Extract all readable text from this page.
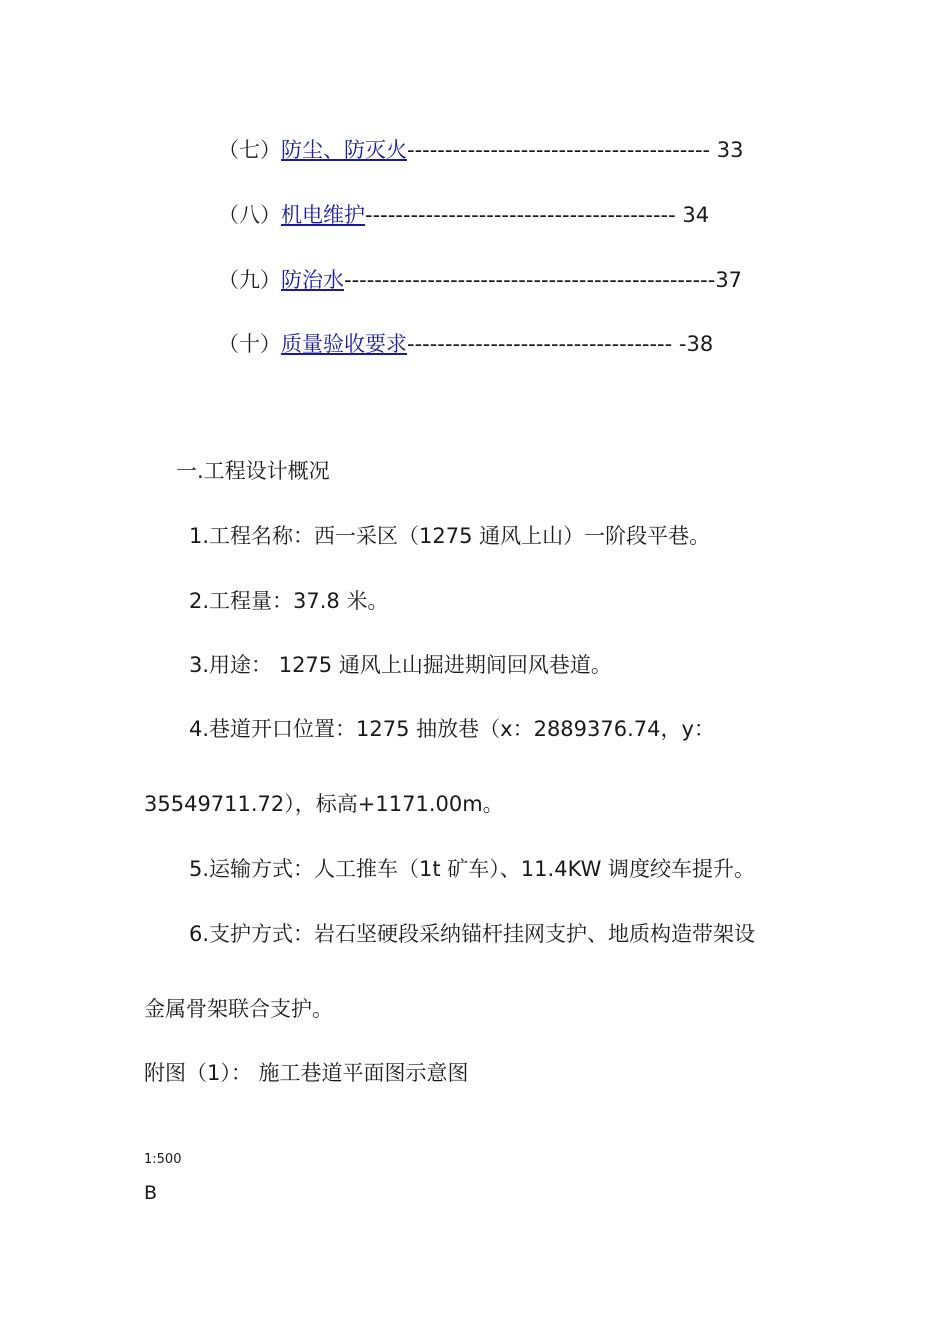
（七）防尘、防灭火---------------------------------------- 33
（八）机电维护----------------------------------------- 34
（九）防治水-------------------------------------------------37
（十）质量验收要求----------------------------------- -38
一.工程设计概况
1.工程名称：西一采区（1275 通风上山）一阶段平巷。
2.工程量：37.8 米。
3.用途： 1275 通风上山掘进期间回风巷道。
4.巷道开口位置：1275 抽放巷（x：2889376.74，y：
35549711.72），标高+1171.00m。
5.运输方式：人工推车（1t 矿车）、11.4KW 调度绞车提升。
6.支护方式：岩石坚硬段采纳锚杆挂网支护、地质构造带架设
金属骨架联合支护。
附图（1）： 施工巷道平面图示意图
1:500
B
